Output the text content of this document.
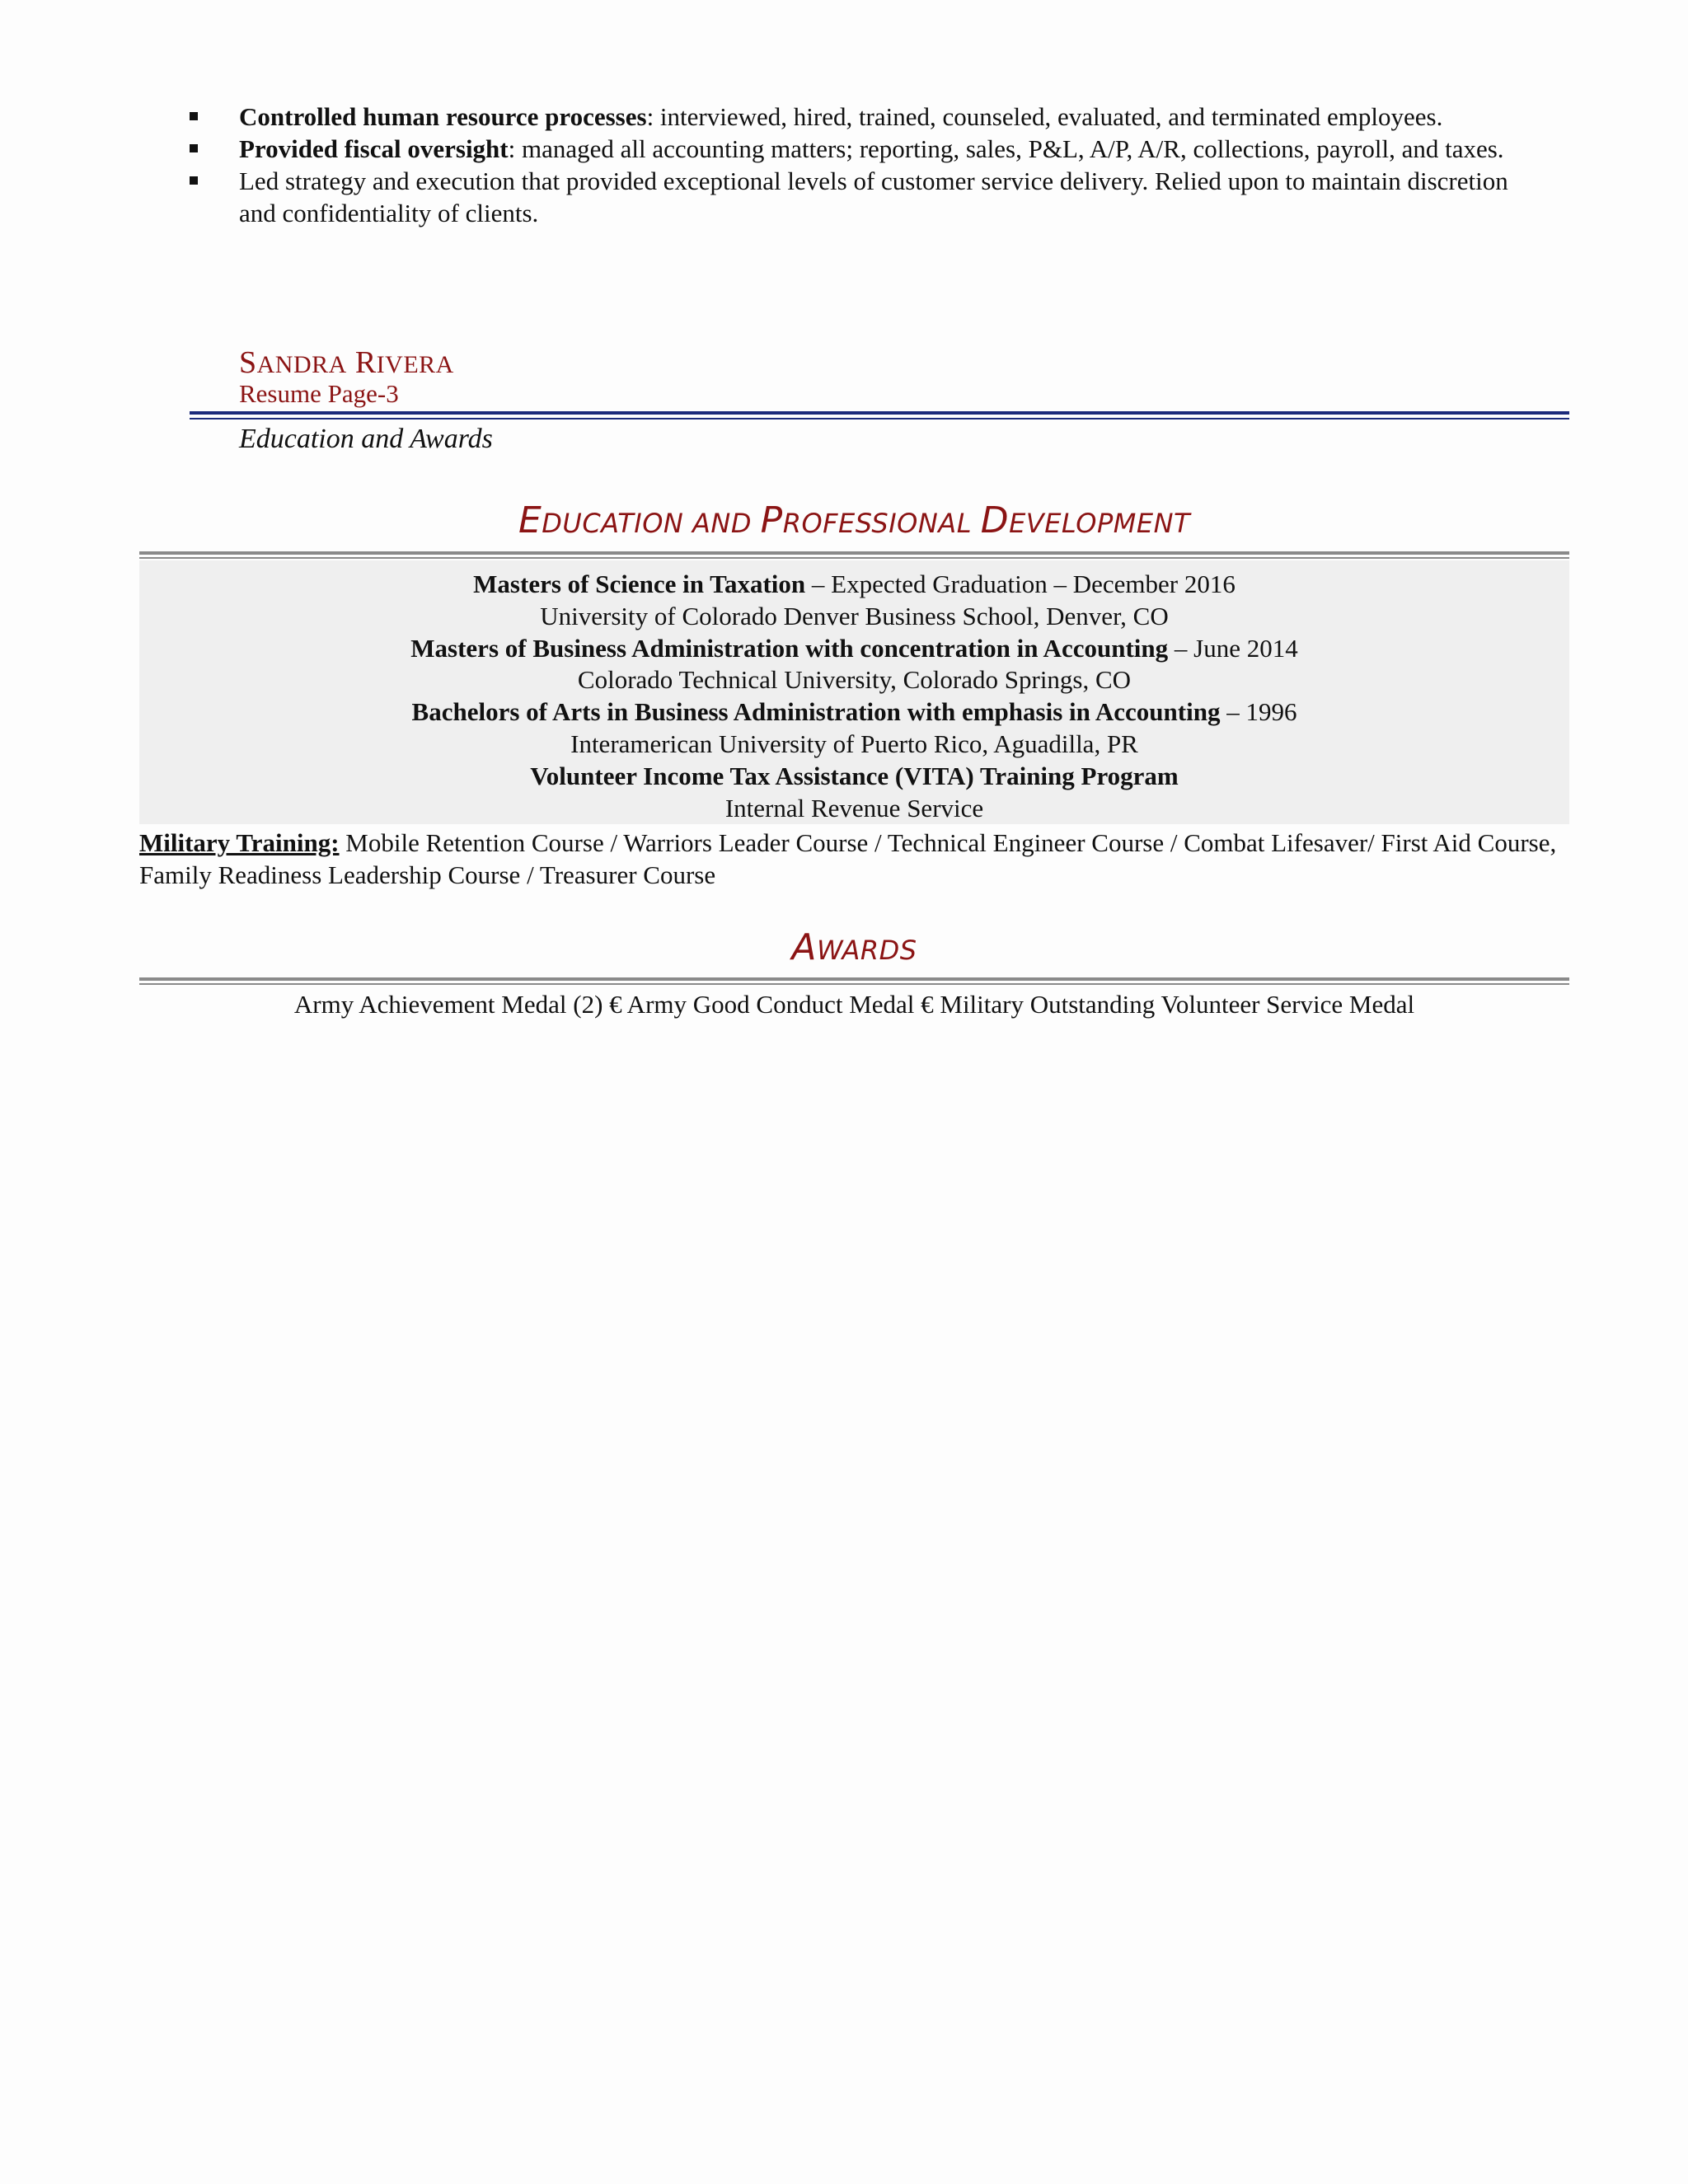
Controlled human resource processes: interviewed, hired, trained, counseled, evaluated, and terminated employees.
Provided fiscal oversight: managed all accounting matters; reporting, sales, P&L, A/P, A/R, collections, payroll, and taxes.
Led strategy and execution that provided exceptional levels of customer service delivery. Relied upon to maintain discretion and confidentiality of clients.
SANDRA RIVERA
Resume Page-3
Education and Awards
EDUCATION AND PROFESSIONAL DEVELOPMENT
Masters of Science in Taxation – Expected Graduation – December 2016
University of Colorado Denver Business School, Denver, CO
Masters of Business Administration with concentration in Accounting – June 2014
Colorado Technical University, Colorado Springs, CO
Bachelors of Arts in Business Administration with emphasis in Accounting – 1996
Interamerican University of Puerto Rico, Aguadilla, PR
Volunteer Income Tax Assistance (VITA) Training Program
Internal Revenue Service
Military Training: Mobile Retention Course / Warriors Leader Course / Technical Engineer Course / Combat Lifesaver/ First Aid Course, Family Readiness Leadership Course / Treasurer Course
AWARDS
Army Achievement Medal (2) € Army Good Conduct Medal € Military Outstanding Volunteer Service Medal
